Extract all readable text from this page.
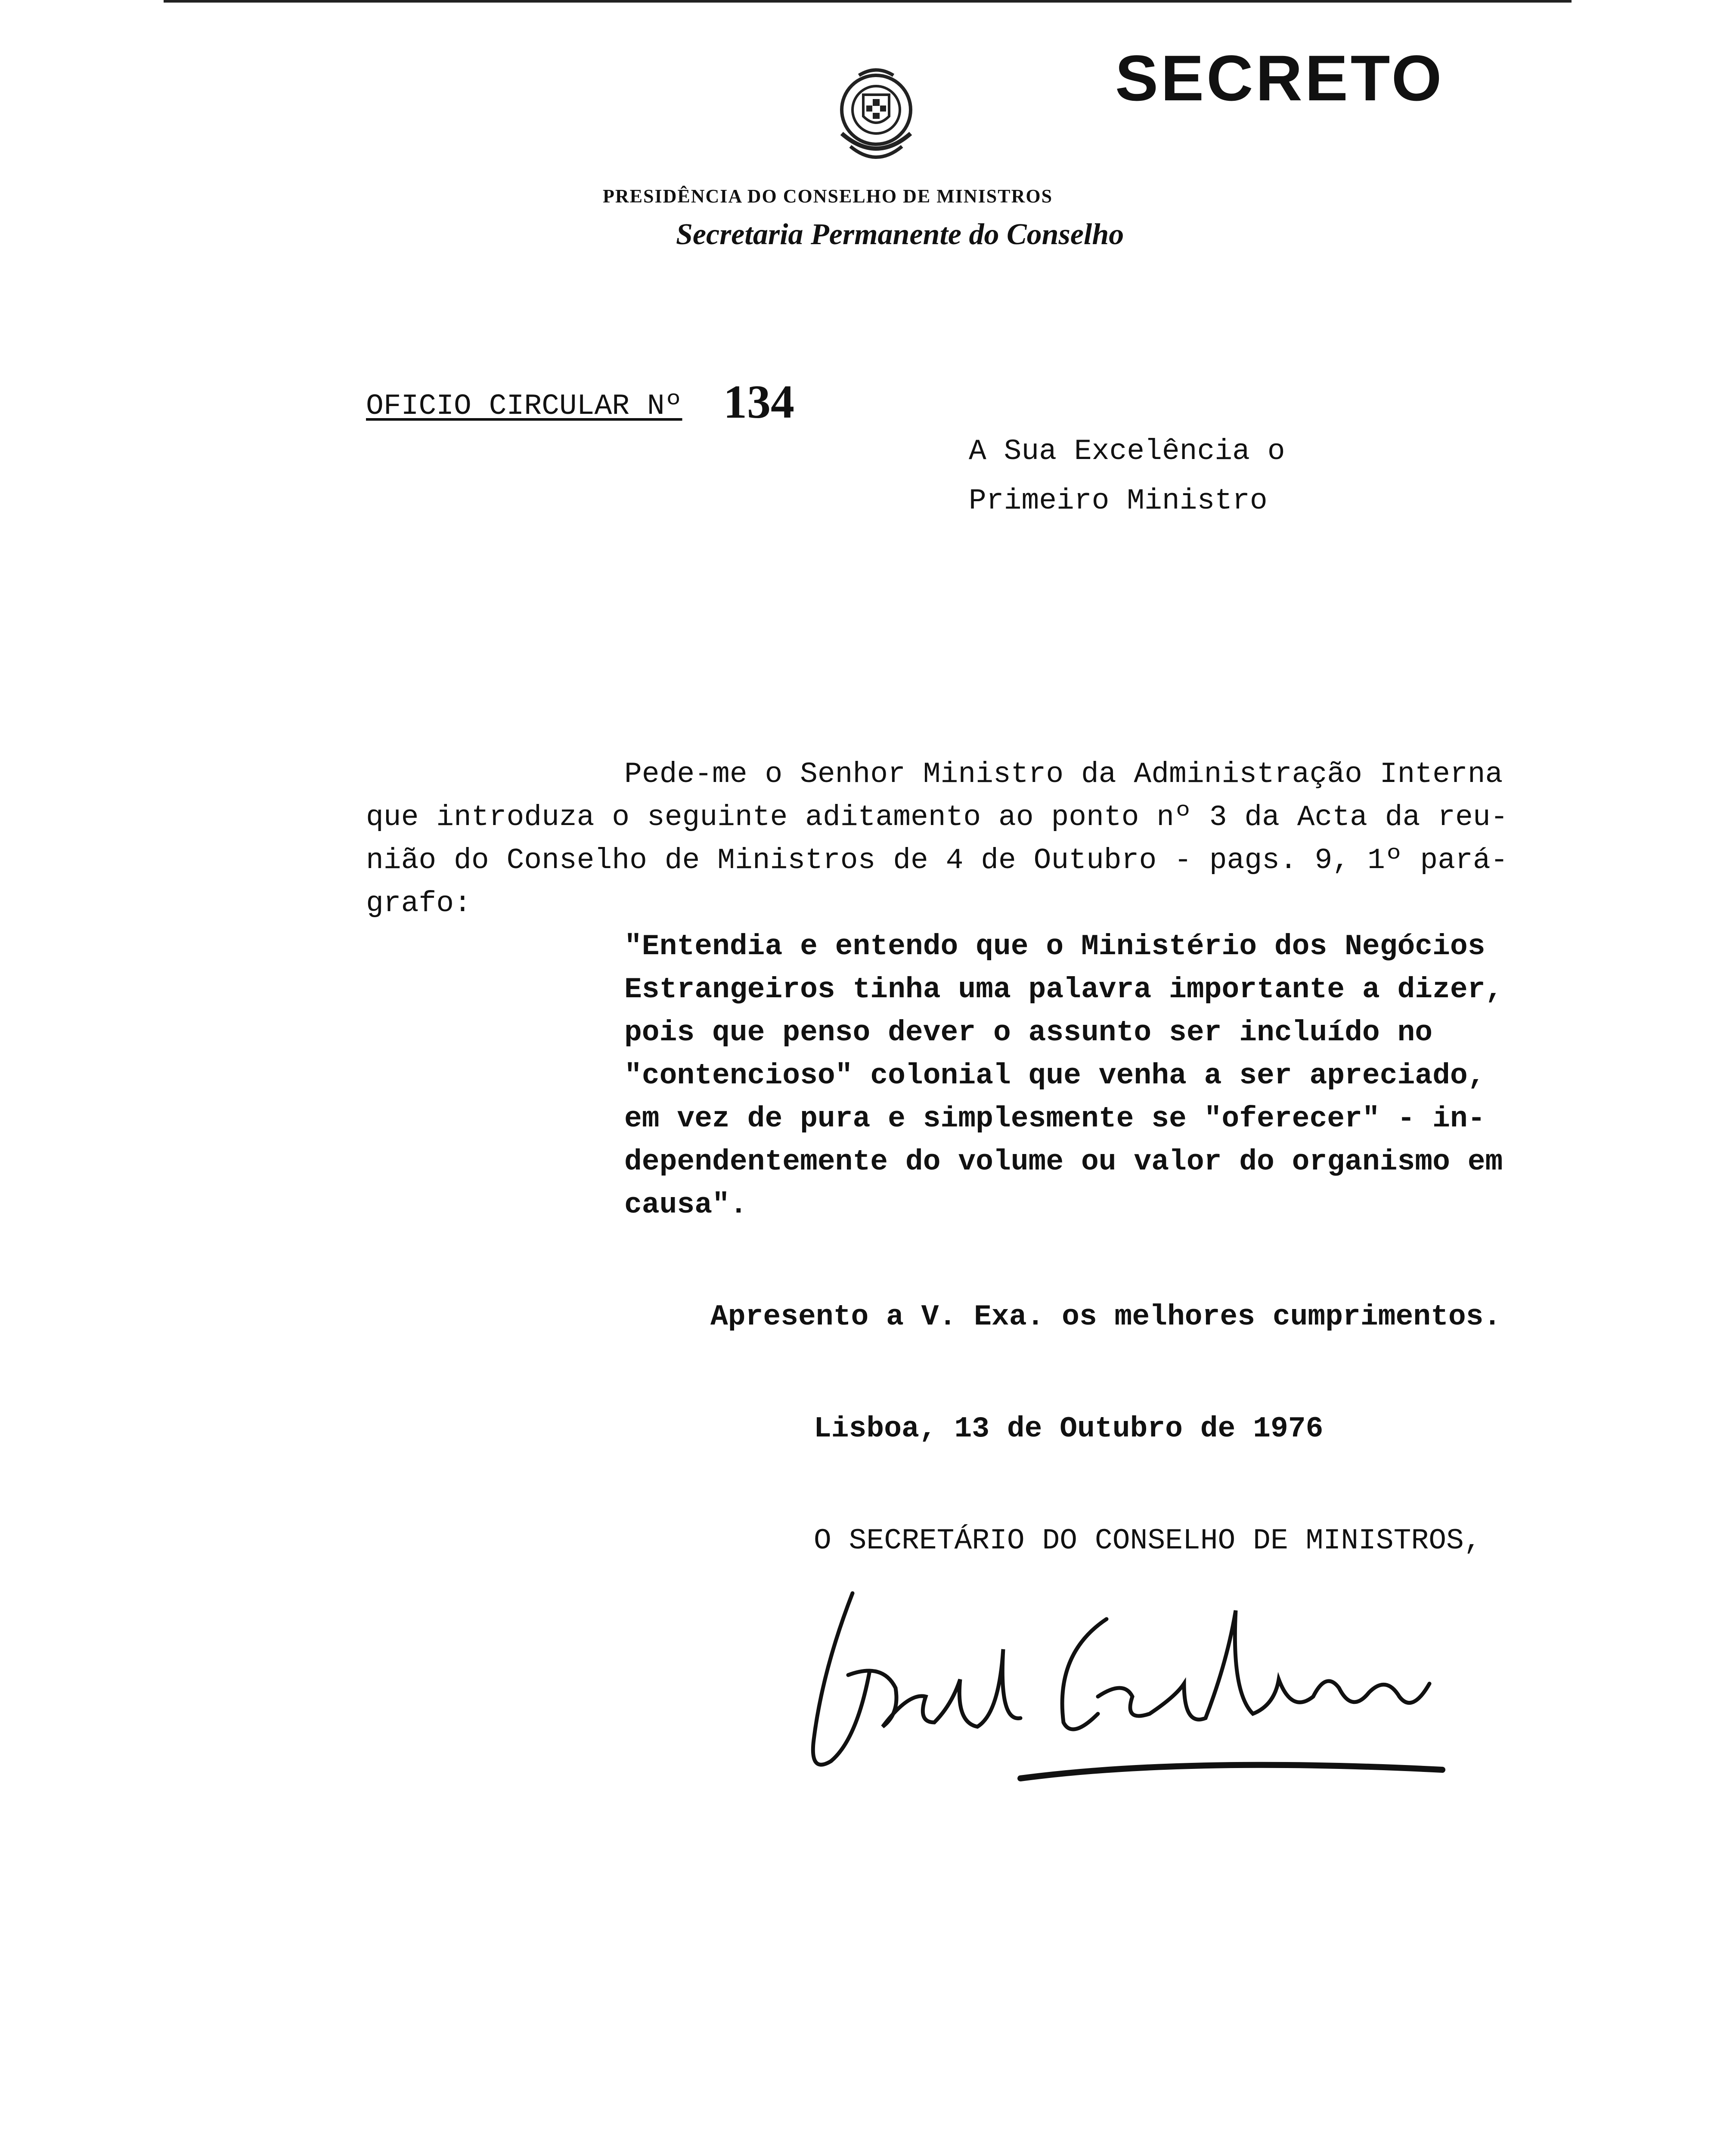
SECRETO
PRESIDÊNCIA DO CONSELHO DE MINISTROS
Secretaria Permanente do Conselho
OFICIO CIRCULAR Nº 134
A Sua Excelência o
Primeiro Ministro
Pede-me o Senhor Ministro da Administração Interna
que introduza o seguinte aditamento ao ponto nº 3 da Acta da reu-
nião do Conselho de Ministros de 4 de Outubro - pags. 9, 1º pará-
grafo:
"Entendia e entendo que o Ministério dos Negócios
Estrangeiros tinha uma palavra importante a dizer,
pois que penso dever o assunto ser incluído no
"contencioso" colonial que venha a ser apreciado,
em vez de pura e simplesmente se "oferecer" - in-
dependentemente do volume ou valor do organismo em
causa".
Apresento a V. Exa. os melhores cumprimentos.
Lisboa, 13 de Outubro de 1976
O SECRETÁRIO DO CONSELHO DE MINISTROS,
